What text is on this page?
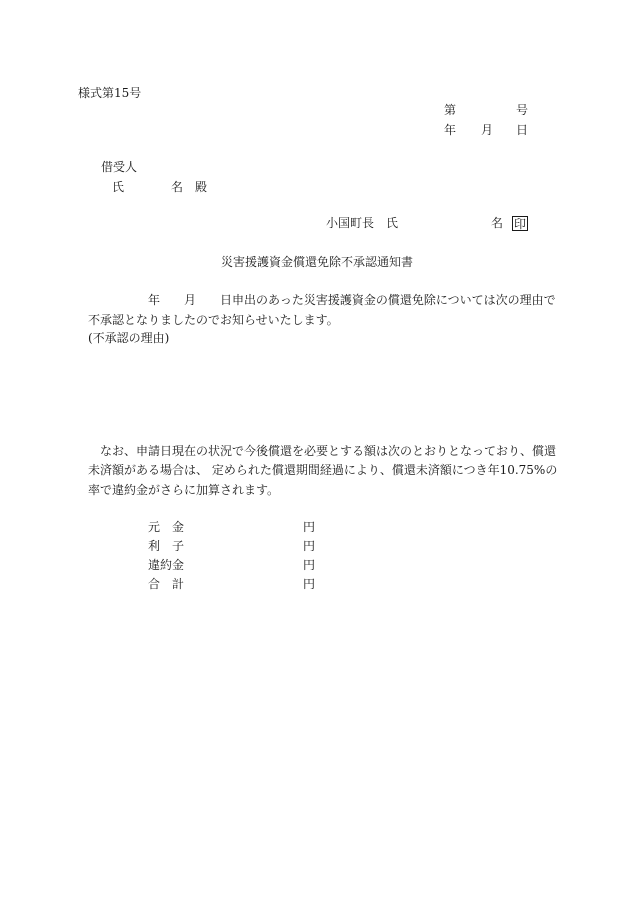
様式第15号
第	号
年 月 日
借受人
氏	名 殿
小国町長　氏	名 印
災害援護資金償還免除不承認通知書
年 月 日申出のあった災害援護資金の償還免除については次の理由で
不承認となりましたのでお知らせいたします。
(不承認の理由)
なお、申請日現在の状況で今後償還を必要とする額は次のとおりとなっており、償還
未済額がある場合は、 定められた償還期間経過により、償還未済額につき年10.75%の
率で違約金がさらに加算されます。
元　金	円
利　子	円
違約金	円
合　計	円
